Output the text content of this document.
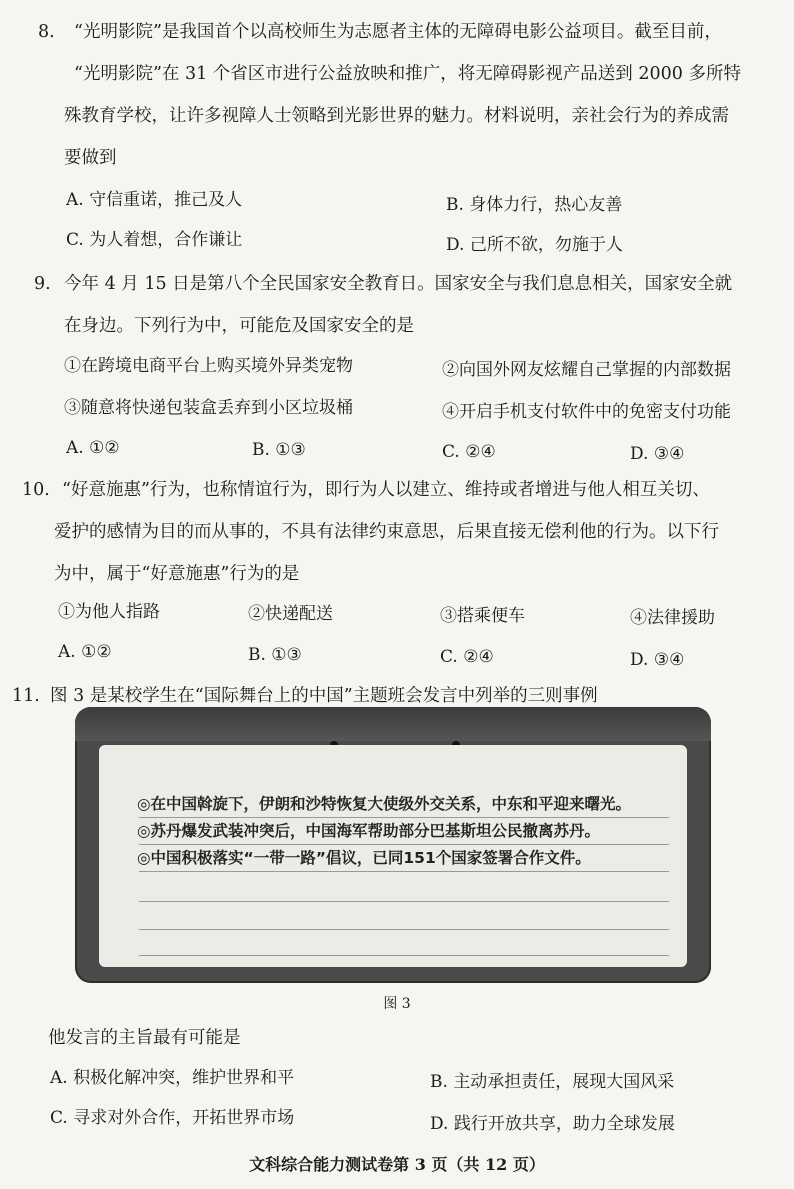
8. “光明影院”是我国首个以高校师生为志愿者主体的无障碍电影公益项目。截至目前，
“光明影院”在 31 个省区市进行公益放映和推广，将无障碍影视产品送到 2000 多所特
殊教育学校，让许多视障人士领略到光影世界的魅力。材料说明，亲社会行为的养成需
要做到
A. 守信重诺，推己及人	B. 身体力行，热心友善
C. 为人着想，合作谦让	D. 己所不欲，勿施于人
9. 今年 4 月 15 日是第八个全民国家安全教育日。国家安全与我们息息相关，国家安全就
在身边。下列行为中，可能危及国家安全的是
①在跨境电商平台上购买境外异类宠物	②向国外网友炫耀自己掌握的内部数据
③随意将快递包装盒丢弃到小区垃圾桶	④开启手机支付软件中的免密支付功能
A. ①②	B. ①③	C. ②④	D. ③④
10. “好意施惠”行为，也称情谊行为，即行为人以建立、维持或者增进与他人相互关切、
爱护的感情为目的而从事的，不具有法律约束意思，后果直接无偿利他的行为。以下行
为中，属于“好意施惠”行为的是
①为他人指路	②快递配送	③搭乘便车	④法律援助
A. ①②	B. ①③	C. ②④	D. ③④
11. 图 3 是某校学生在“国际舞台上的中国”主题班会发言中列举的三则事例
◎在中国斡旋下，伊朗和沙特恢复大使级外交关系，中东和平迎来曙光。
◎苏丹爆发武装冲突后，中国海军帮助部分巴基斯坦公民撤离苏丹。
◎中国积极落实“一带一路”倡议，已同151个国家签署合作文件。
图 3
他发言的主旨最有可能是
A. 积极化解冲突，维护世界和平	B. 主动承担责任，展现大国风采
C. 寻求对外合作，开拓世界市场	D. 践行开放共享，助力全球发展
文科综合能力测试卷第 3 页（共 12 页）
